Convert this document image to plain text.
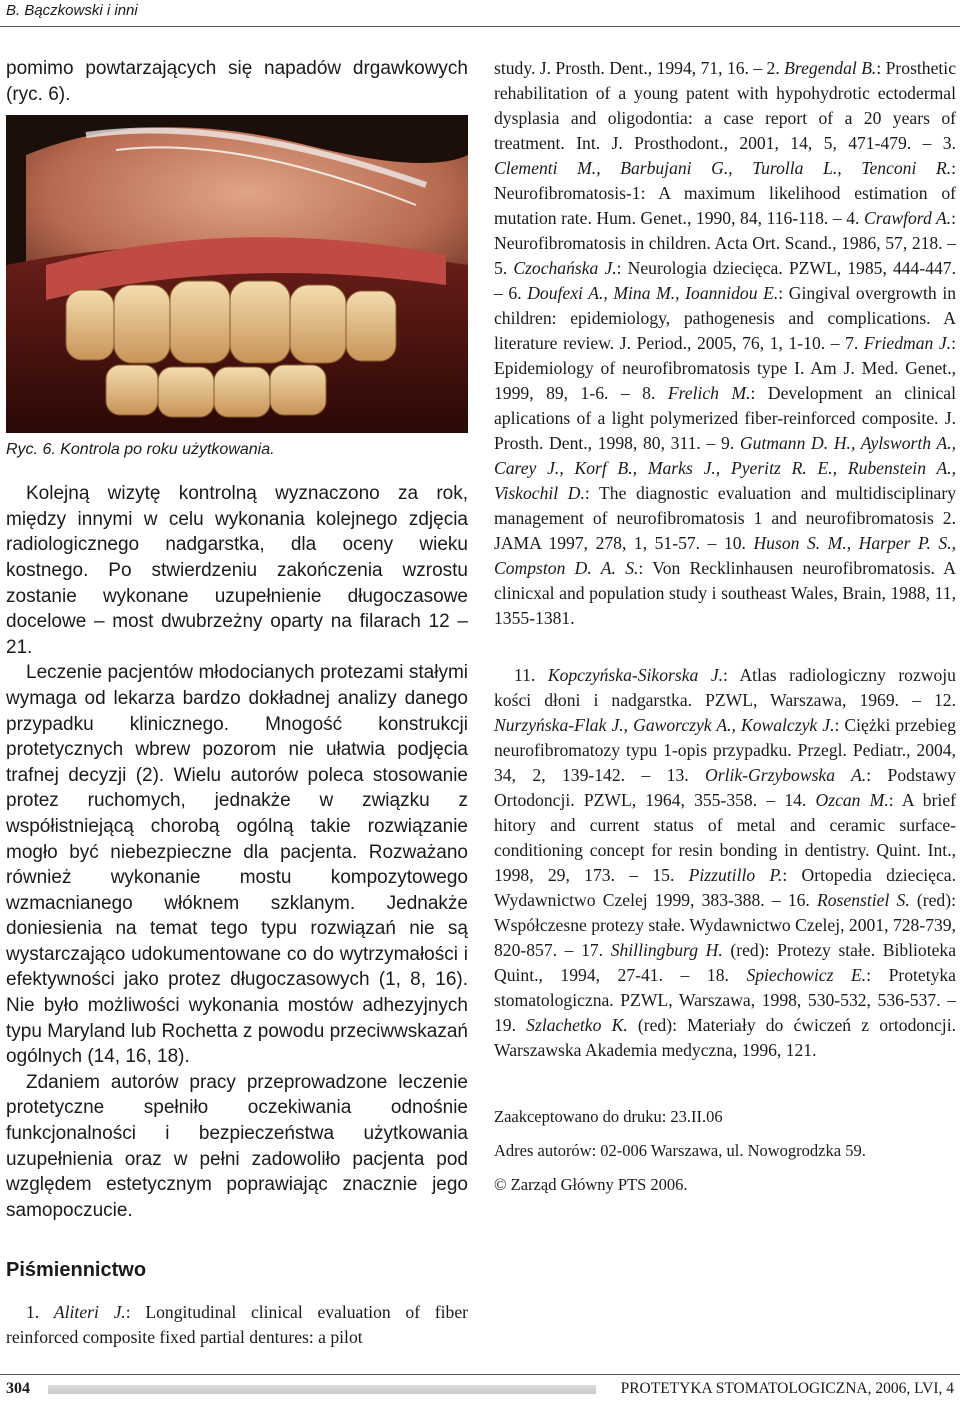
B. Bączkowski i inni

pomimo powtarzających się napadów drgawkowych (ryc. 6).

Ryc. 6. Kontrola po roku użytkowania.

Kolejną wizytę kontrolną wyznaczono za rok, między innymi w celu wykonania kolejnego zdjęcia radiologicznego nadgarstka, dla oceny wieku kostnego. Po stwierdzeniu zakończenia wzrostu zostanie wykonane uzupełnienie długoczasowe docelowe – most dwubrzeżny oparty na filarach 12 – 21.

Leczenie pacjentów młodocianych protezami stałymi wymaga od lekarza bardzo dokładnej analizy danego przypadku klinicznego. Mnogość konstrukcji protetycznych wbrew pozorom nie ułatwia podjęcia trafnej decyzji (2). Wielu autorów poleca stosowanie protez ruchomych, jednakże w związku z współistniejącą chorobą ogólną takie rozwiązanie mogło być niebezpieczne dla pacjenta. Rozważano również wykonanie mostu kompozytowego wzmacnianego włóknem szklanym. Jednakże doniesienia na temat tego typu rozwiązań nie są wystarczająco udokumentowane co do wytrzymałości i efektywności jako protez długoczasowych (1, 8, 16). Nie było możliwości wykonania mostów adhezyjnych typu Maryland lub Rochetta z powodu przeciwwskazań ogólnych (14, 16, 18).

Zdaniem autorów pracy przeprowadzone leczenie protetyczne spełniło oczekiwania odnośnie funkcjonalności i bezpieczeństwa użytkowania uzupełnienia oraz w pełni zadowoliło pacjenta pod względem estetycznym poprawiając znacznie jego samopoczucie.

Piśmiennictwo

1. Aliteri J.: Longitudinal clinical evaluation of fiber reinforced composite fixed partial dentures: a pilot

study. J. Prosth. Dent., 1994, 71, 16. – 2. Bregendal B.: Prosthetic rehabilitation of a young patent with hypohydrotic ectodermal dysplasia and oligodontia: a case report of a 20 years of treatment. Int. J. Prosthodont., 2001, 14, 5, 471-479. – 3. Clementi M., Barbujani G., Turolla L., Tenconi R.: Neurofibromatosis-1: A maximum likelihood estimation of mutation rate. Hum. Genet., 1990, 84, 116-118. – 4. Crawford A.: Neurofibromatosis in children. Acta Ort. Scand., 1986, 57, 218. – 5. Czochańska J.: Neurologia dziecięca. PZWL, 1985, 444-447. – 6. Doufexi A., Mina M., Ioannidou E.: Gingival overgrowth in children: epidemiology, pathogenesis and complications. A literature review. J. Period., 2005, 76, 1, 1-10. – 7. Friedman J.: Epidemiology of neurofibromatosis type I. Am J. Med. Genet., 1999, 89, 1-6. – 8. Frelich M.: Development an clinical aplications of a light polymerized fiber-reinforced composite. J. Prosth. Dent., 1998, 80, 311. – 9. Gutmann D. H., Aylsworth A., Carey J., Korf B., Marks J., Pyeritz R. E., Rubenstein A., Viskochil D.: The diagnostic evaluation and multidisciplinary management of neurofibromatosis 1 and neurofibromatosis 2. JAMA 1997, 278, 1, 51-57. – 10. Huson S. M., Harper P. S., Compston D. A. S.: Von Recklinhausen neurofibromatosis. A clinicxal and population study i southeast Wales, Brain, 1988, 11, 1355-1381.

11. Kopczyńska-Sikorska J.: Atlas radiologiczny rozwoju kości dłoni i nadgarstka. PZWL, Warszawa, 1969. – 12. Nurzyńska-Flak J., Gaworczyk A., Kowalczyk J.: Ciężki przebieg neurofibromatozy typu 1-opis przypadku. Przegl. Pediatr., 2004, 34, 2, 139-142. – 13. Orlik-Grzybowska A.: Podstawy Ortodoncji. PZWL, 1964, 355-358. – 14. Ozcan M.: A brief hitory and current status of metal and ceramic surface-conditioning concept for resin bonding in dentistry. Quint. Int., 1998, 29, 173. – 15. Pizzutillo P.: Ortopedia dziecięca. Wydawnictwo Czelej 1999, 383-388. – 16. Rosenstiel S. (red): Współczesne protezy stałe. Wydawnictwo Czelej, 2001, 728-739, 820-857. – 17. Shillingburg H. (red): Protezy stałe. Biblioteka Quint., 1994, 27-41. – 18. Spiechowicz E.: Protetyka stomatologiczna. PZWL, Warszawa, 1998, 530-532, 536-537. – 19. Szlachetko K. (red): Materiały do ćwiczeń z ortodoncji. Warszawska Akademia medyczna, 1996, 121.

Zaakceptowano do druku: 23.II.06

Adres autorów: 02-006 Warszawa, ul. Nowogrodzka 59.

© Zarząd Główny PTS 2006.

304	PROTETYKA STOMATOLOGICZNA, 2006, LVI, 4
